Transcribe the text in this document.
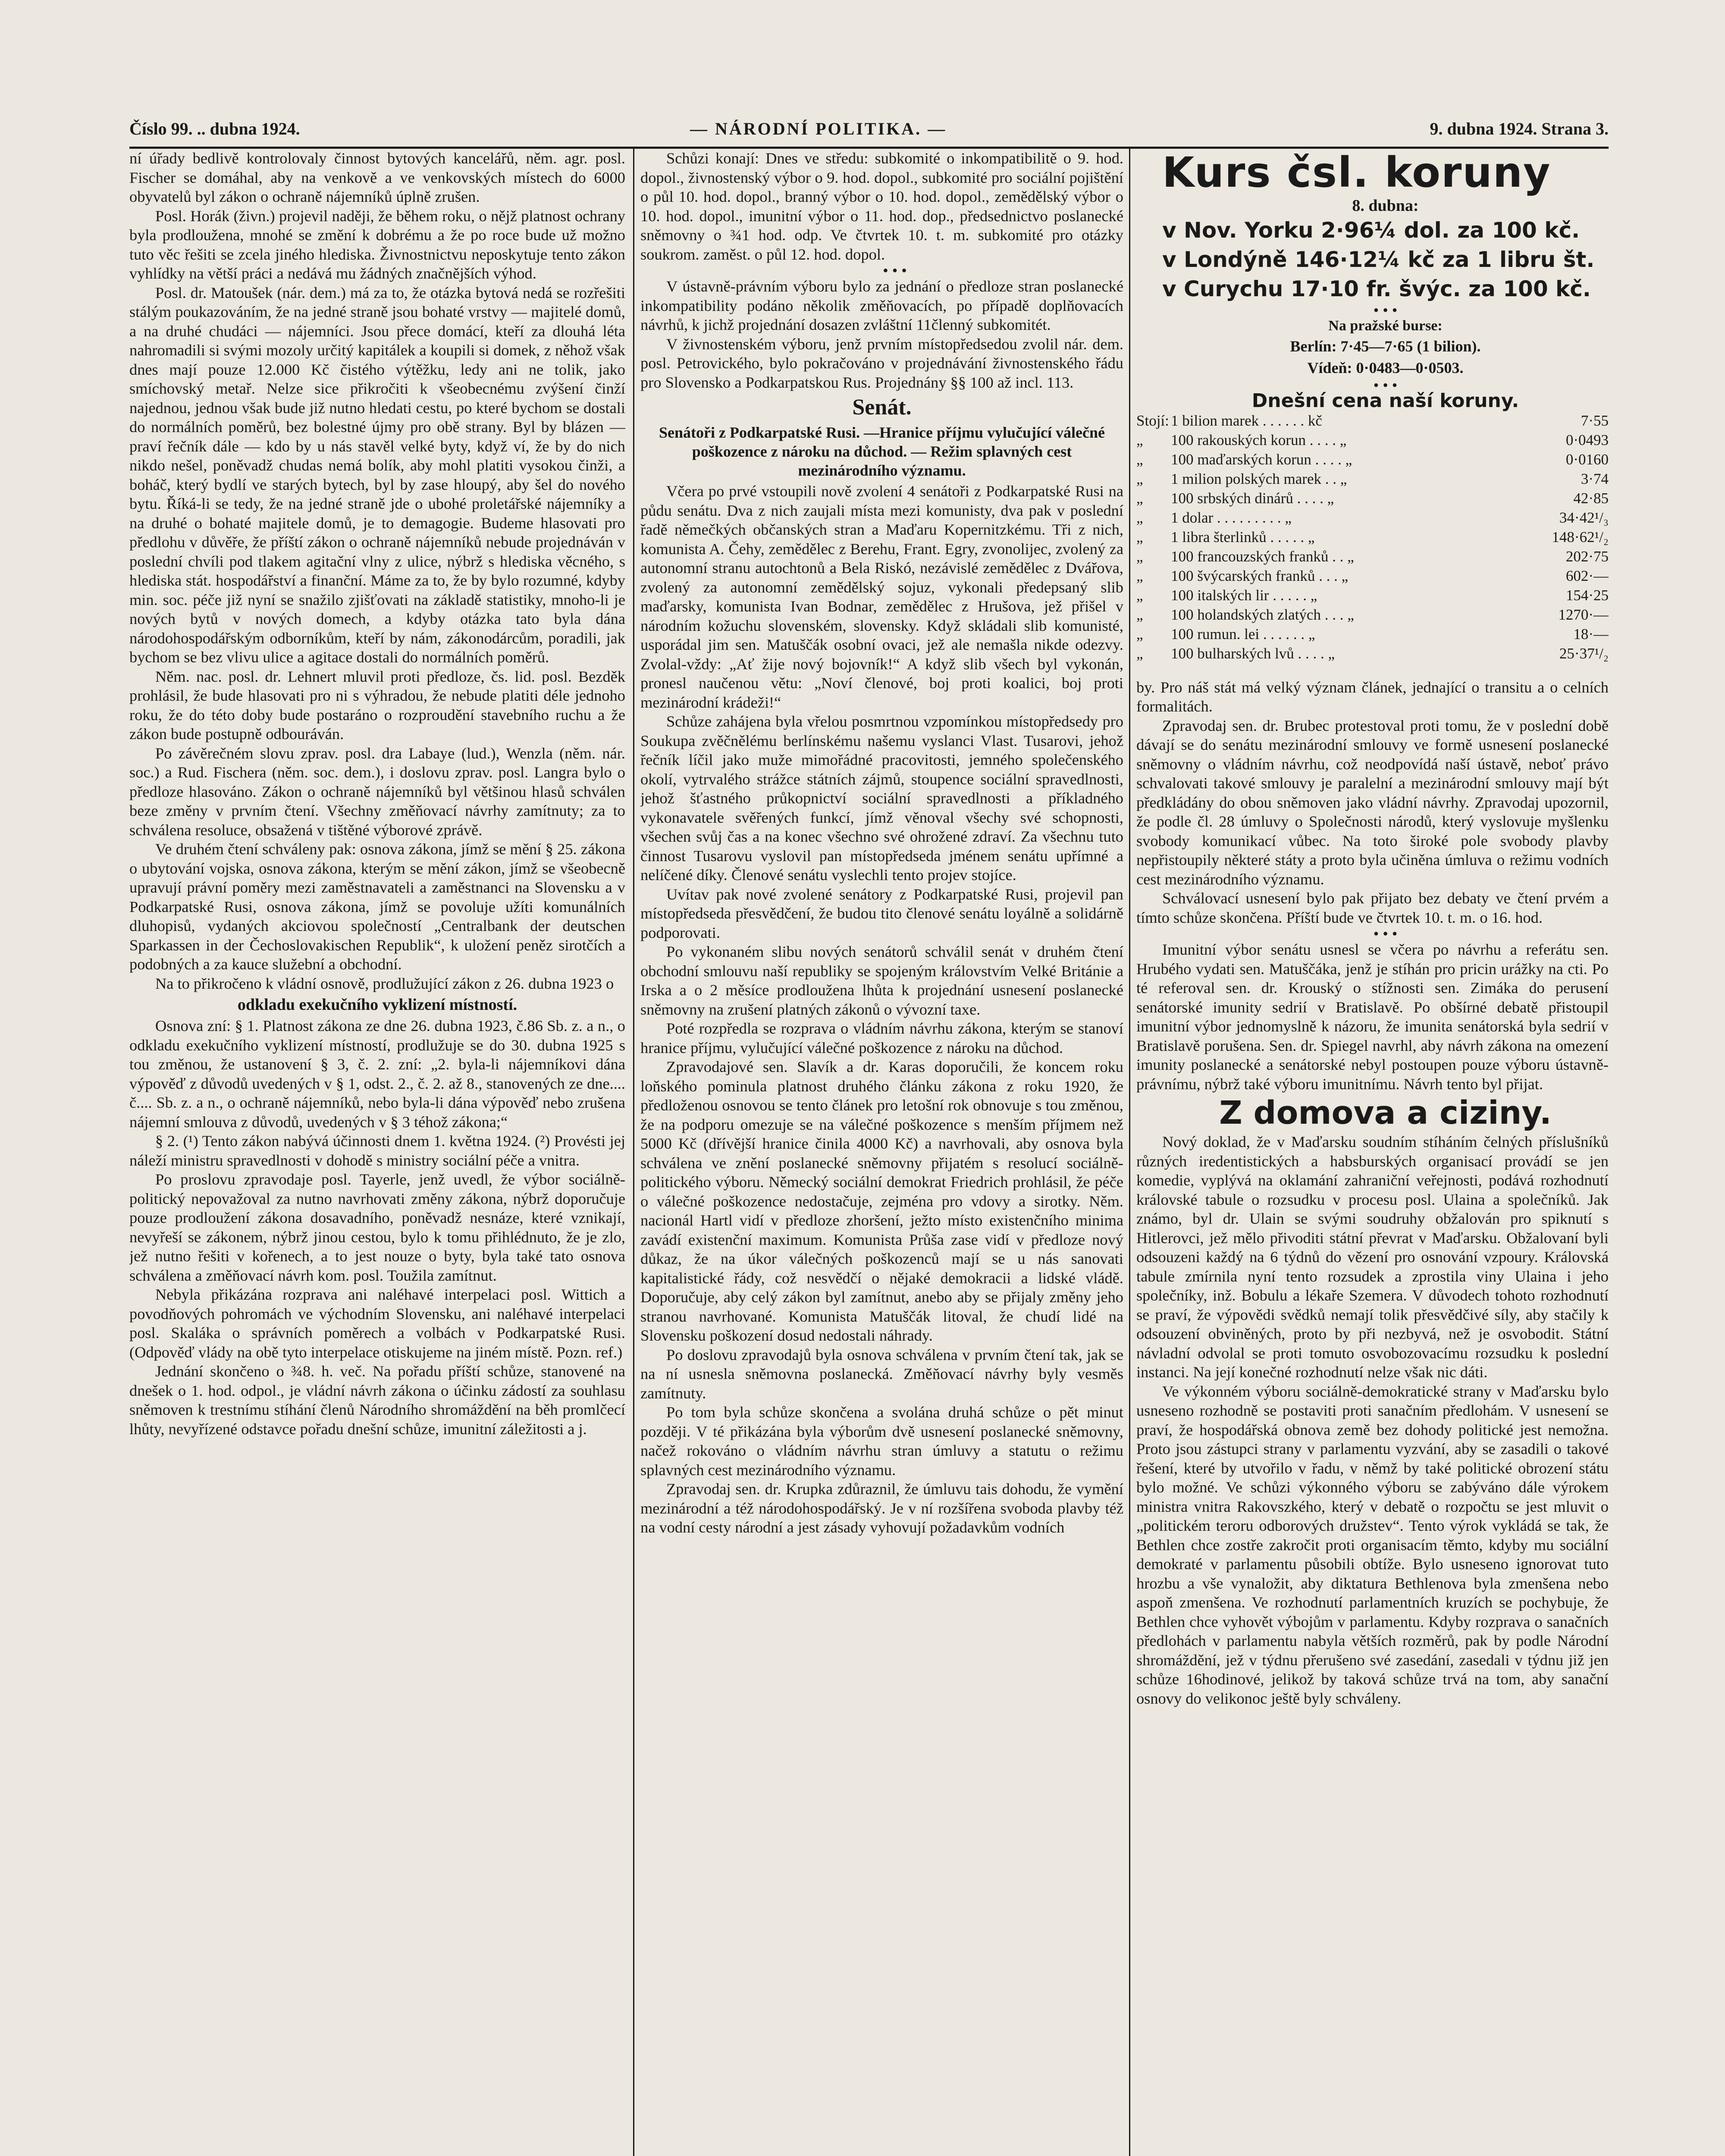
Číslo 99. .. dubna 1924.	— NÁRODNÍ POLITIKA. —	9. dubna 1924. Strana 3.

ní úřady bedlivě kontrolovaly činnost bytových kancelářů, něm. agr. posl. Fischer se domáhal, aby na venkově a ve venkovských místech do 6000 obyvatelů byl zákon o ochraně nájemníků úplně zrušen.

Posl. Horák (živn.) projevil naději, že během roku, o nějž platnost ochrany byla prodloužena, mnohé se změní k dobrému a že po roce bude už možno tuto věc řešiti se zcela jiného hlediska. Živnostnictvu neposkytuje tento zákon vyhlídky na větší práci a nedává mu žádných značnějších výhod.

Posl. dr. Matoušek (nár. dem.) má za to, že otázka bytová nedá se rozřešiti stálým poukazováním, že na jedné straně jsou bohaté vrstvy — majitelé domů, a na druhé chudáci — nájemníci. Jsou přece domácí, kteří za dlouhá léta nahromadili si svými mozoly určitý kapitálek a koupili si domek, z něhož však dnes mají pouze 12.000 Kč čistého výtěžku, ledy ani ne tolik, jako smíchovský metař. Nelze sice přikročiti k všeobecnému zvýšení činží najednou, jednou však bude již nutno hledati cestu, po které bychom se dostali do normálních poměrů, bez bolestné újmy pro obě strany. Byl by blázen — praví řečník dále — kdo by u nás stavěl velké byty, když ví, že by do nich nikdo nešel, poněvadž chudas nemá bolík, aby mohl platiti vysokou činži, a boháč, který bydlí ve starých bytech, byl by zase hloupý, aby šel do nového bytu. Říká-li se tedy, že na jedné straně jde o ubohé proletářské nájemníky a na druhé o bohaté majitele domů, je to demagogie. Budeme hlasovati pro předlohu v důvěře, že příští zákon o ochraně nájemníků nebude projednáván v poslední chvíli pod tlakem agitační vlny z ulice, nýbrž s hlediska věcného, s hlediska stát. hospodářství a finanční. Máme za to, že by bylo rozumné, kdyby min. soc. péče již nyní se snažilo zjišťovati na základě statistiky, mnoho-li je nových bytů v nových domech, a kdyby otázka tato byla dána národohospodářským odborníkům, kteří by nám, zákonodárcům, poradili, jak bychom se bez vlivu ulice a agitace dostali do normálních poměrů.

Něm. nac. posl. dr. Lehnert mluvil proti předloze, čs. lid. posl. Bezděk prohlásil, že bude hlasovati pro ni s výhradou, že nebude platiti déle jednoho roku, že do této doby bude postaráno o rozproudění stavebního ruchu a že zákon bude postupně odbouráván.

Po závěrečném slovu zprav. posl. dra Labaye (lud.), Wenzla (něm. nár. soc.) a Rud. Fischera (něm. soc. dem.), i doslovu zprav. posl. Langra bylo o předloze hlasováno. Zákon o ochraně nájemníků byl většinou hlasů schválen beze změny v prvním čtení. Všechny změňovací návrhy zamítnuty; za to schválena resoluce, obsažená v tištěné výborové zprávě.

Ve druhém čtení schváleny pak: osnova zákona, jímž se mění § 25. zákona o ubytování vojska, osnova zákona, kterým se mění zákon, jímž se všeobecně upravují právní poměry mezi zaměstnavateli a zaměstnanci na Slovensku a v Podkarpatské Rusi, osnova zákona, jímž se povoluje užíti komunálních dluhopisů, vydaných akciovou společností „Centralbank der deutschen Sparkassen in der Čechoslovakischen Republik“, k uložení peněz sirotčích a podobných a za kauce služební a obchodní.

Na to přikročeno k vládní osnově, prodlužující zákon z 26. dubna 1923 o

odkladu exekučního vyklizení místností.

Osnova zní: § 1. Platnost zákona ze dne 26. dubna 1923, č.86 Sb. z. a n., o odkladu exekučního vyklizení místností, prodlužuje se do 30. dubna 1925 s tou změnou, že ustanovení § 3, č. 2. zní: „2. byla-li nájemníkovi dána výpověď z důvodů uvedených v § 1, odst. 2., č. 2. až 8., stanovených ze dne.... č.... Sb. z. a n., o ochraně nájemníků, nebo byla-li dána výpověď nebo zrušena nájemní smlouva z důvodů, uvedených v § 3 téhož zákona;“

§ 2. (¹) Tento zákon nabývá účinnosti dnem 1. května 1924. (²) Provésti jej náleží ministru spravedlnosti v dohodě s ministry sociální péče a vnitra.

Po proslovu zpravodaje posl. Tayerle, jenž uvedl, že výbor sociálně-politický nepovažoval za nutno navrhovati změny zákona, nýbrž doporučuje pouze prodloužení zákona dosavadního, poněvadž nesnáze, které vznikají, nevyřeší se zákonem, nýbrž jinou cestou, bylo k tomu přihlédnuto, že je zlo, jež nutno řešiti v kořenech, a to jest nouze o byty, byla také tato osnova schválena a změňovací návrh kom. posl. Toužila zamítnut.

Nebyla přikázána rozprava ani naléhavé interpelaci posl. Wittich a povodňových pohromách ve východním Slovensku, ani naléhavé interpelaci posl. Skaláka o správních poměrech a volbách v Podkarpatské Rusi. (Odpověď vlády na obě tyto interpelace otiskujeme na jiném místě. Pozn. ref.)

Jednání skončeno o ¾8. h. več. Na pořadu příští schůze, stanovené na dnešek o 1. hod. odpol., je vládní návrh zákona o účinku zádostí za souhlasu sněmoven k trestnímu stíhání členů Národního shromáždění na běh promlčecí lhůty, nevyřízené odstavce pořadu dnešní schůze, imunitní záležitosti a j.

Schůzi konají: Dnes ve středu: subkomité o inkompatibilitě o 9. hod. dopol., živnostenský výbor o 9. hod. dopol., subkomité pro sociální pojištění o půl 10. hod. dopol., branný výbor o 10. hod. dopol., zemědělský výbor o 10. hod. dopol., imunitní výbor o 11. hod. dop., předsednictvo poslanecké sněmovny o ¾1 hod. odp. Ve čtvrtek 10. t. m. subkomité pro otázky soukrom. zaměst. o půl 12. hod. dopol.

• • •

V ústavně-právním výboru bylo za jednání o předloze stran poslanecké inkompatibility podáno několik změňovacích, po případě doplňovacích návrhů, k jichž projednání dosazen zvláštní 11členný subkomitét.

V živnostenském výboru, jenž prvním místopředsedou zvolil nár. dem. posl. Petrovického, bylo pokračováno v projednávání živnostenského řádu pro Slovensko a Podkarpatskou Rus. Projednány §§ 100 až incl. 113.

Senát.
Senátoři z Podkarpatské Rusi. —Hranice příjmu vylučující válečné poškozence z nároku na důchod. — Režim splavných cest mezinárodního významu.

Včera po prvé vstoupili nově zvolení 4 senátoři z Podkarpatské Rusi na půdu senátu. Dva z nich zaujali místa mezi komunisty, dva pak v poslední řadě němečkých občanských stran a Maďaru Kopernitzkému. Tři z nich, komunista A. Čehy, zemědělec z Berehu, Frant. Egry, zvonolijec, zvolený za autonomní stranu autochtonů a Bela Riskó, nezávislé zemědělec z Dvářova, zvolený za autonomní zemědělský sojuz, vykonali předepsaný slib maďarsky, komunista Ivan Bodnar, zemědělec z Hrušova, jež přišel v národním kožuchu slovenském, slovensky. Když skládali slib komunisté, usporádal jim sen. Matuščák osobní ovaci, jež ale nemašla nikde odezvy. Zvolal-vždy: „Ať žije nový bojovník!“ A když slib všech byl vykonán, pronesl naučenou větu: „Noví členové, boj proti koalici, boj proti mezinárodní krádeži!“

Schůze zahájena byla vřelou posmrtnou vzpomínkou místopředsedy pro Soukupa zvěčnělému berlínskému našemu vyslanci Vlast. Tusarovi, jehož řečník líčil jako muže mimořádné pracovitosti, jemného společenského okolí, vytrvalého strážce státních zájmů, stoupence sociální spravedlnosti, jehož šťastného průkopnictví sociální spravedlnosti a příkladného vykonavatele svěřených funkcí, jímž věnoval všechy své schopnosti, všechen svůj čas a na konec všechno své ohrožené zdraví. Za všechnu tuto činnost Tusarovu vyslovil pan místopředseda jménem senátu upřímné a nelíčené díky. Členové senátu vyslechli tento projev stojíce.

Uvítav pak nové zvolené senátory z Podkarpatské Rusi, projevil pan místopředseda přesvědčení, že budou tito členové senátu loyálně a solidárně podporovati.

Po vykonaném slibu nových senátorů schválil senát v druhém čtení obchodní smlouvu naší republiky se spojeným královstvím Velké Británie a Irska a o 2 měsíce prodloužena lhůta k projednání usnesení poslanecké sněmovny na zrušení platných zákonů o vývozní taxe.

Poté rozpředla se rozprava o vládním návrhu zákona, kterým se stanoví hranice příjmu, vylučující válečné poškozence z nároku na důchod.

Zpravodajové sen. Slavík a dr. Karas doporučili, že koncem roku loňského pominula platnost druhého článku zákona z roku 1920, že předloženou osnovou se tento článek pro letošní rok obnovuje s tou změnou, že na podporu omezuje se na válečné poškozence s menším příjmem než 5000 Kč (dřívější hranice činila 4000 Kč) a navrhovali, aby osnova byla schválena ve znění poslanecké sněmovny přijatém s resolucí sociálně-politického výboru. Německý sociální demokrat Friedrich prohlásil, že péče o válečné poškozence nedostačuje, zejména pro vdovy a sirotky. Něm. nacionál Hartl vidí v předloze zhoršení, ježto místo existenčního minima zavádí existenční maximum. Komunista Průša zase vidí v předloze nový důkaz, že na úkor válečných poškozenců mají se u nás sanovati kapitalistické řády, což nesvědčí o nějaké demokracii a lidské vládě. Doporučuje, aby celý zákon byl zamítnut, anebo aby se přijaly změny jeho stranou navrhované. Komunista Matuščák litoval, že chudí lidé na Slovensku poškození dosud nedostali náhrady.

Po doslovu zpravodajů byla osnova schválena v prvním čtení tak, jak se na ní usnesla sněmovna poslanecká. Změňovací návrhy byly vesměs zamítnuty.

Po tom byla schůze skončena a svolána druhá schůze o pět minut později. V té přikázána byla výborům dvě usnesení poslanecké sněmovny, načež rokováno o vládním návrhu stran úmluvy a statutu o režimu splavných cest mezinárodního významu.

Zpravodaj sen. dr. Krupka zdůraznil, že úmluvu tais dohodu, že vymění mezinárodní a též národohospodářský. Je v ní rozšířena svoboda plavby též na vodní cesty národní a jest zásady vyhovují požadavkům vodních

Kurs čsl. koruny

8. dubna:

v Nov. Yorku 2·96¼ dol. za 100 kč.

v Londýně 146·12¼ kč za 1 libru št.

v Curychu 17·10 fr. švýc. za 100 kč.

• • •

Na pražské burse:

Berlín: 7·45—7·65 (1 bilion).

Vídeň: 0·0483—0·0503.

• • •

Dnešní cena naší koruny.

Stojí:	1 bilion marek . . . . . . kč	7·55
„	100 rakouských korun . . . . „	0·0493
„	100 maďarských korun . . . . „	0·0160
„	1 milion polských marek . . „	3·74
„	100 srbských dinárů . . . . „	42·85
„	1 dolar . . . . . . . . . „	34·42¹/₃
„	1 libra šterlinků . . . . . „	148·62¹/₂
„	100 francouzských franků . . „	202·75
„	100 švýcarských franků . . . „	602·—
„	100 italských lir . . . . . „	154·25
„	100 holandských zlatých . . . „	1270·—
„	100 rumun. lei . . . . . . „	18·—
„	100 bulharských lvů . . . . „	25·37¹/₂

by. Pro náš stát má velký význam článek, jednající o transitu a o celních formalitách.

Zpravodaj sen. dr. Brubec protestoval proti tomu, že v poslední době dávají se do senátu mezinárodní smlouvy ve formě usnesení poslanecké sněmovny o vládním návrhu, což neodpovídá naší ústavě, neboť právo schvalovati takové smlouvy je paralelní a mezinárodní smlouvy mají být předkládány do obou sněmoven jako vládní návrhy. Zpravodaj upozornil, že podle čl. 28 úmluvy o Společnosti národů, který vyslovuje myšlenku svobody komunikací vůbec. Na toto široké pole svobody plavby nepřistoupily některé státy a proto byla učiněna úmluva o režimu vodních cest mezinárodního významu.

Schválovací usnesení bylo pak přijato bez debaty ve čtení prvém a tímto schůze skončena. Příští bude ve čtvrtek 10. t. m. o 16. hod.

• • •

Imunitní výbor senátu usnesl se včera po návrhu a referátu sen. Hrubého vydati sen. Matuščáka, jenž je stíhán pro pricin urážky na cti. Po té referoval sen. dr. Krouský o stížnosti sen. Zimáka do perusení senátorské imunity sedrií v Bratislavě. Po obšírné debatě přistoupil imunitní výbor jednomyslně k názoru, že imunita senátorská byla sedrií v Bratislavě porušena. Sen. dr. Spiegel navrhl, aby návrh zákona na omezení imunity poslanecké a senátorské nebyl postoupen pouze výboru ústavně-právnímu, nýbrž také výboru imunitnímu. Návrh tento byl přijat.

Z domova a ciziny.

Nový doklad, že v Maďarsku soudním stíháním čelných příslušníků různých iredentistických a habsburských organisací provádí se jen komedie, vyplývá na oklamání zahraniční veřejnosti, podává rozhodnutí královské tabule o rozsudku v procesu posl. Ulaina a společníků. Jak známo, byl dr. Ulain se svými soudruhy obžalován pro spiknutí s Hitlerovci, jež mělo přivoditi státní převrat v Maďarsku. Obžalovaní byli odsouzeni každý na 6 týdnů do vězení pro osnování vzpoury. Královská tabule zmírnila nyní tento rozsudek a zprostila viny Ulaina i jeho společníky, inž. Bobulu a lékaře Szemera. V důvodech tohoto rozhodnutí se praví, že výpovědi svědků nemají tolik přesvědčivé síly, aby stačily k odsouzení obviněných, proto by při nezbyvá, než je osvobodit. Státní návladní odvolal se proti tomuto osvobozovacímu rozsudku k poslední instanci. Na její konečné rozhodnutí nelze však nic dáti.

Ve výkonném výboru sociálně-demokratické strany v Maďarsku bylo usneseno rozhodně se postaviti proti sanačním předlohám. V usnesení se praví, že hospodářská obnova země bez dohody politické jest nemožna. Proto jsou zástupci strany v parlamentu vyzvání, aby se zasadili o takové řešení, které by utvořilo v řadu, v němž by také politické obrození státu bylo možné. Ve schůzi výkonného výboru se zabýváno dále výrokem ministra vnitra Rakovszkého, který v debatě o rozpočtu se jest mluvit o „politickém teroru odborových družstev“. Tento výrok vykládá se tak, že Bethlen chce zostře zakročit proti organisacím těmto, kdyby mu sociální demokraté v parlamentu působili obtíže. Bylo usneseno ignorovat tuto hrozbu a vše vynaložit, aby diktatura Bethlenova byla zmenšena nebo aspoň zmenšena. Ve rozhodnutí parlamentních kruzích se pochybuje, že Bethlen chce vyhovět výbojům v parlamentu. Kdyby rozprava o sanačních předlohách v parlamentu nabyla větších rozměrů, pak by podle Národní shromáždění, jež v týdnu přerušeno své zasedání, zasedali v týdnu již jen schůze 16hodinové, jelikož by taková schůze trvá na tom, aby sanační osnovy do velikonoc ještě byly schváleny.
